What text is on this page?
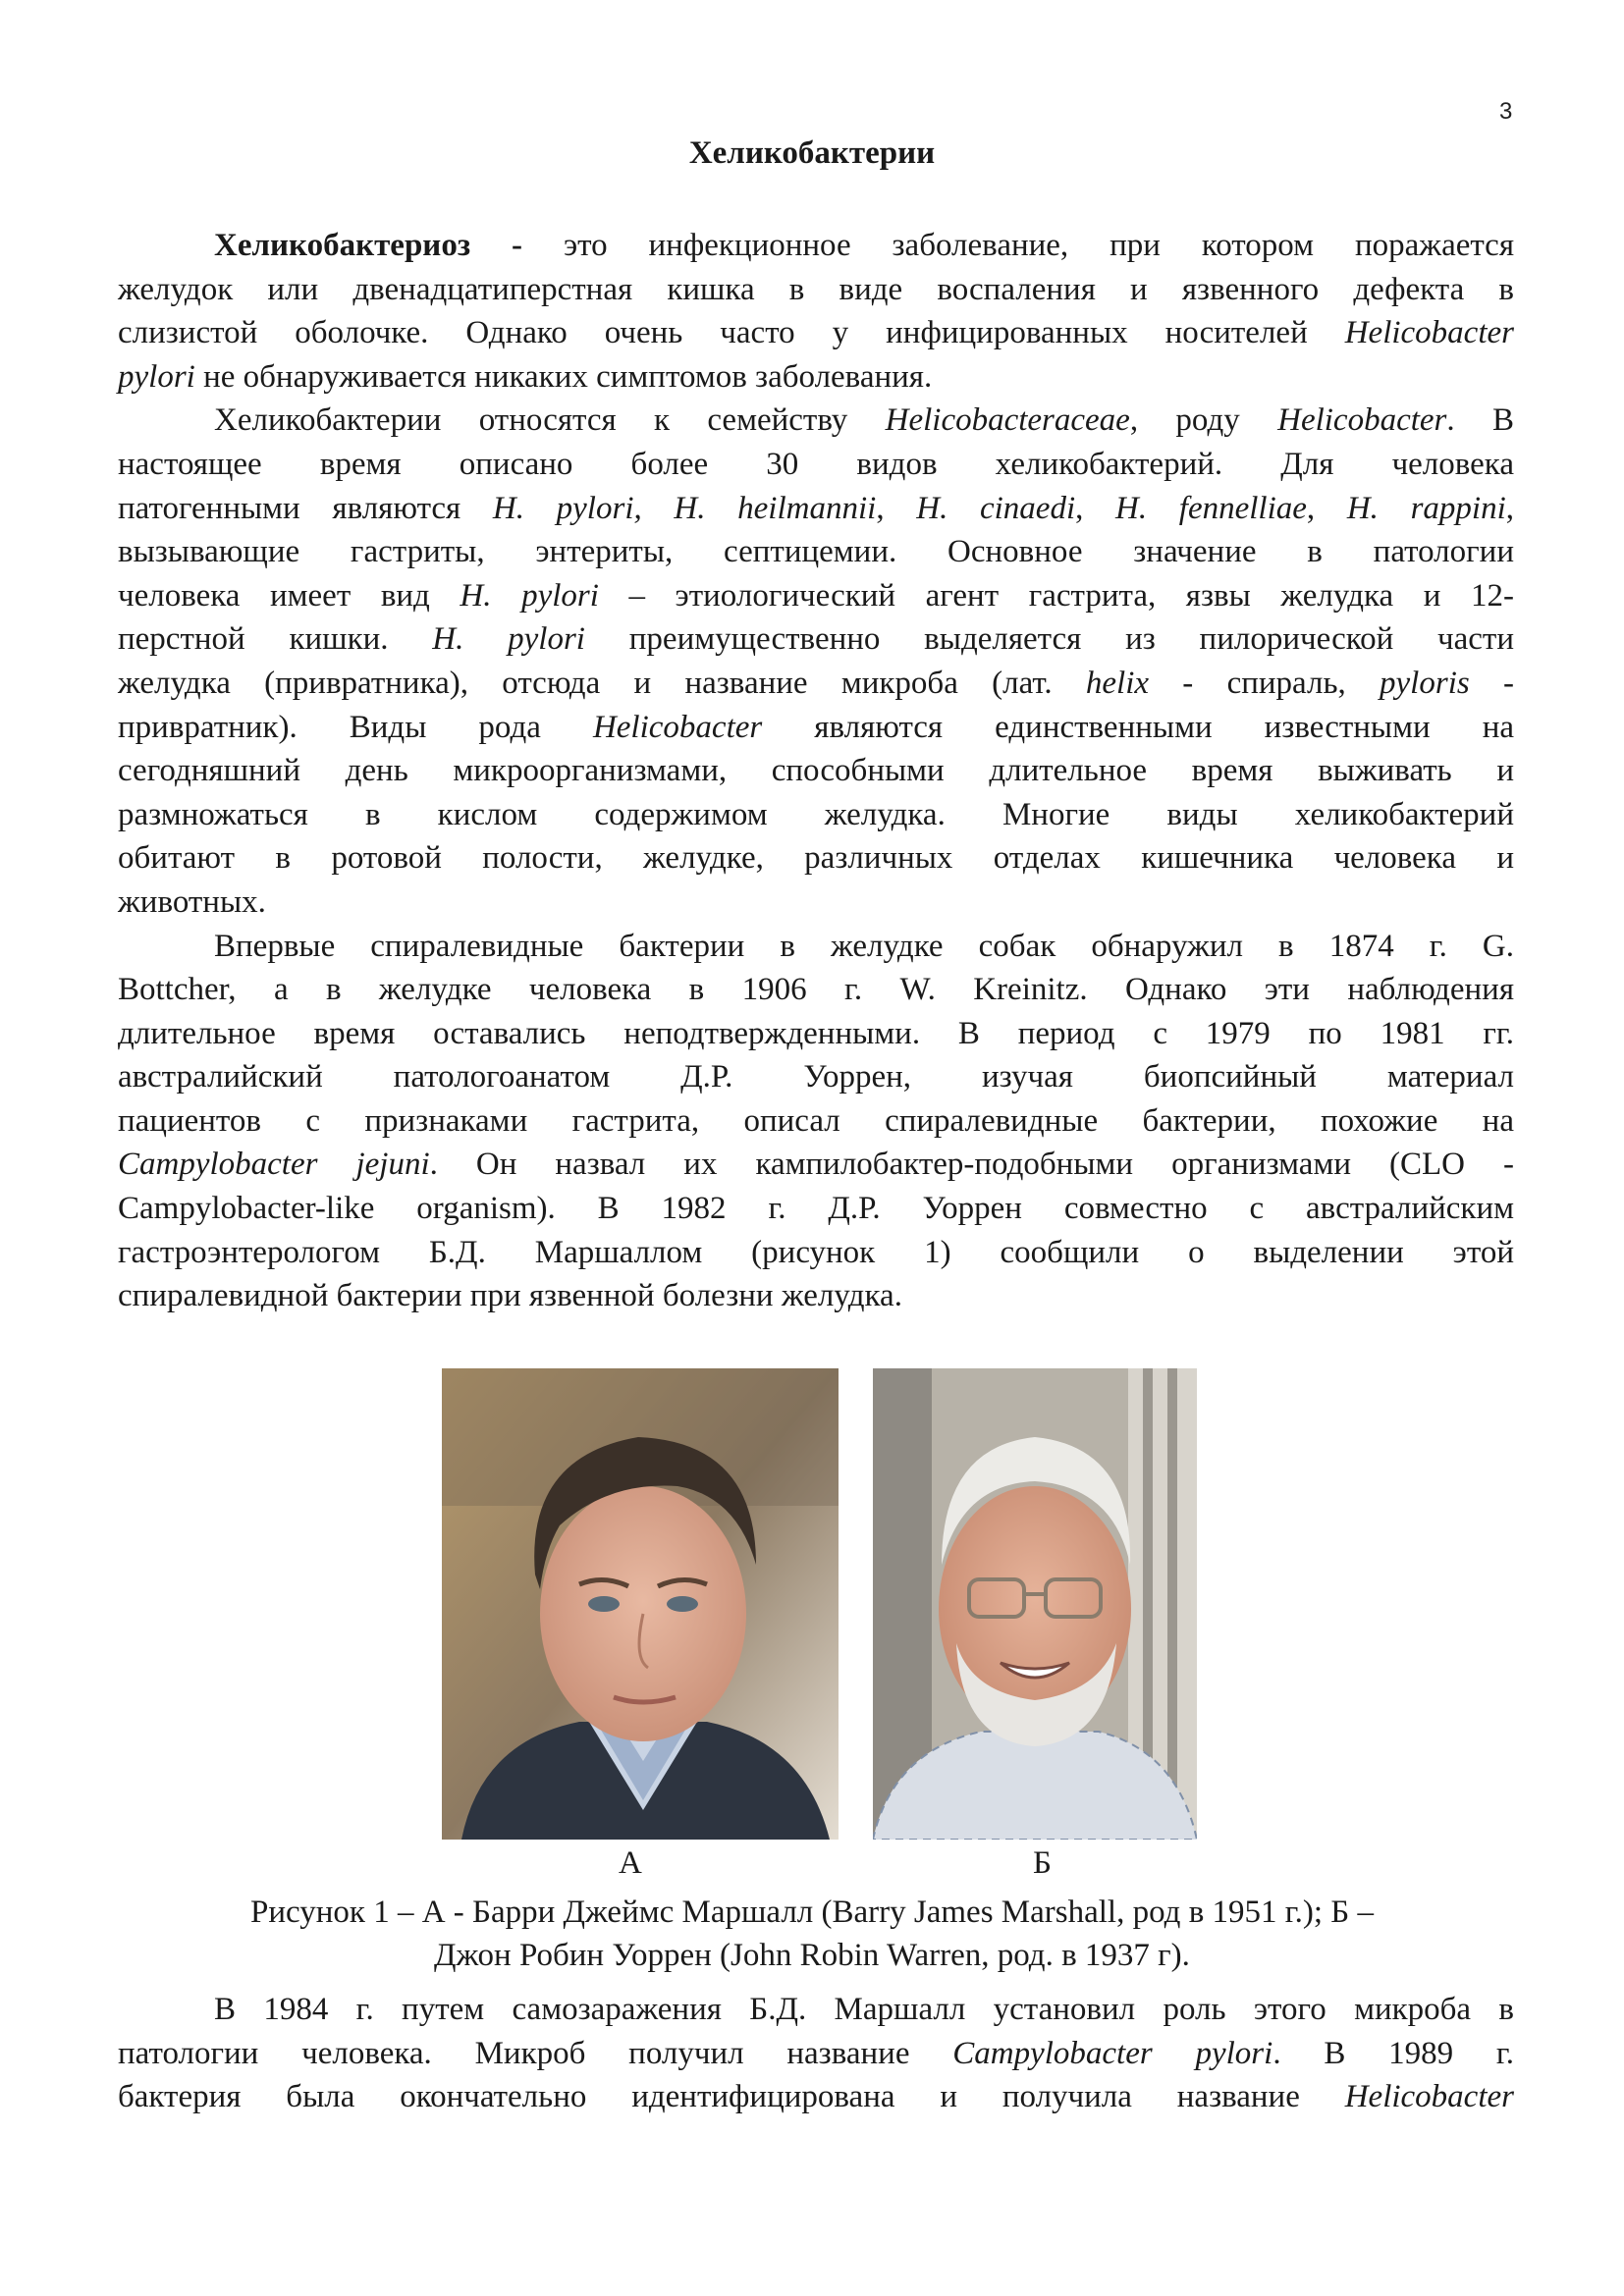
3
Хеликобактерии
Хеликобактериоз - это инфекционное заболевание, при котором поражается
желудок или двенадцатиперстная кишка в виде воспаления и язвенного дефекта в
слизистой оболочке. Однако очень часто у инфицированных носителей Helicobacter
pylori не обнаруживается никаких симптомов заболевания.
Хеликобактерии относятся к семейству Helicobacteraceae, роду Helicobacter. В
настоящее время описано более 30 видов хеликобактерий. Для человека
патогенными являются H. pylori, H. heilmannii, H. cinaedi, H. fennelliae, H. rappini,
вызывающие гастриты, энтериты, септицемии. Основное значение в патологии
человека имеет вид H. pylori – этиологический агент гастрита, язвы желудка и 12-
перстной кишки. H. pylori преимущественно выделяется из пилорической части
желудка (привратника), отсюда и название микроба (лат. helix - спираль, pyloris -
привратник). Виды рода Helicobacter являются единственными известными на
сегодняшний день микроорганизмами, способными длительное время выживать и
размножаться в кислом содержимом желудка. Многие виды хеликобактерий
обитают в ротовой полости, желудке, различных отделах кишечника человека и
животных.
Впервые спиралевидные бактерии в желудке собак обнаружил в 1874 г. G.
Bottcher, а в желудке человека в 1906 г. W. Kreinitz. Однако эти наблюдения
длительное время оставались неподтвержденными. В период с 1979 по 1981 гг.
австралийский патологоанатом Д.Р. Уоррен, изучая биопсийный материал
пациентов с признаками гастрита, описал спиралевидные бактерии, похожие на
Campylobacter jejuni. Он назвал их кампилобактер-подобными организмами (CLO -
Campylobacter-like organism). В 1982 г. Д.Р. Уоррен совместно с австралийским
гастроэнтерологом Б.Д. Маршаллом (рисунок 1) сообщили о выделении этой
спиралевидной бактерии при язвенной болезни желудка.
А	Б
Рисунок 1 – А - Барри Джеймс Маршалл (Barry James Marshall, род в 1951 г.); Б –
Джон Робин Уоррен (John Robin Warren, род. в 1937 г).
В 1984 г. путем самозаражения Б.Д. Маршалл установил роль этого микроба в
патологии человека. Микроб получил название Campylobacter pylori. В 1989 г.
бактерия была окончательно идентифицирована и получила название Helicobacter
